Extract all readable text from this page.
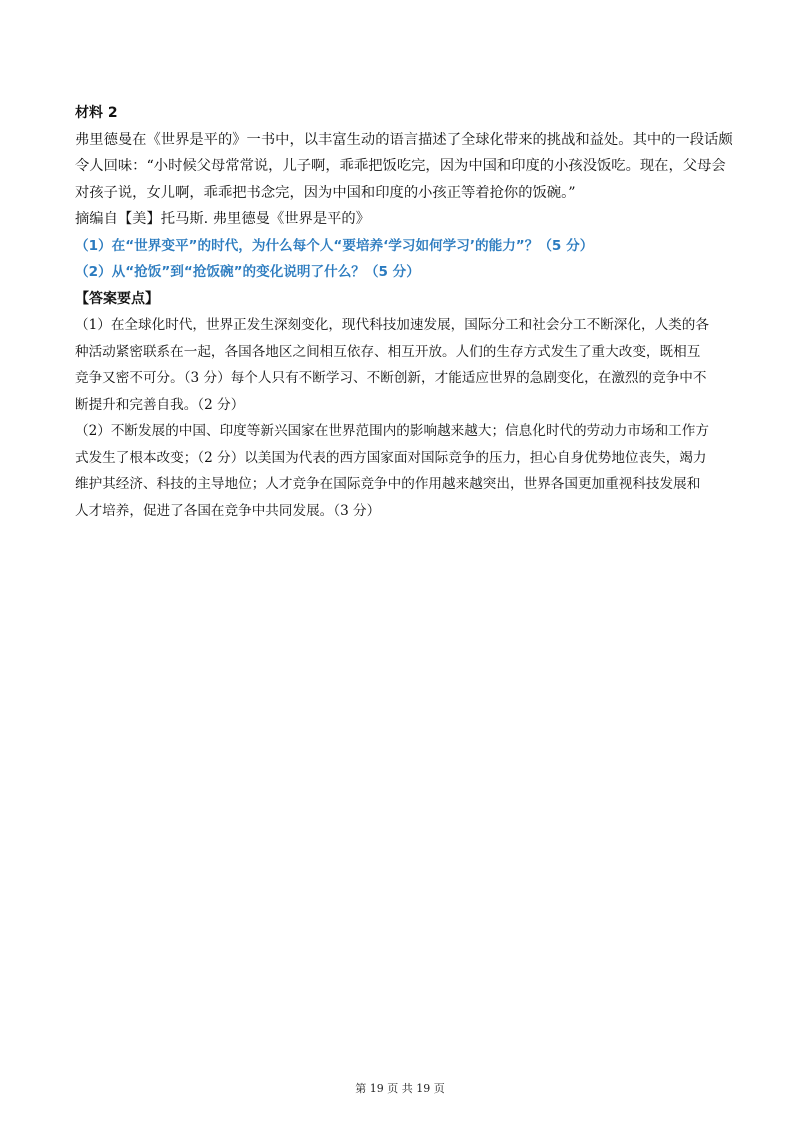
材料 2
弗里德曼在《世界是平的》一书中，以丰富生动的语言描述了全球化带来的挑战和益处。其中的一段话颇
令人回味：“小时候父母常常说，儿子啊，乖乖把饭吃完，因为中国和印度的小孩没饭吃。现在，父母会
对孩子说，女儿啊，乖乖把书念完，因为中国和印度的小孩正等着抢你的饭碗。”
摘编自【美】托马斯. 弗里德曼《世界是平的》
（1）在“世界变平”的时代，为什么每个人“要培养‘学习如何学习’的能力”？（5 分）
（2）从“抢饭”到“抢饭碗”的变化说明了什么？（5 分）
【答案要点】
（1）在全球化时代，世界正发生深刻变化，现代科技加速发展，国际分工和社会分工不断深化，人类的各
种活动紧密联系在一起，各国各地区之间相互依存、相互开放。人们的生存方式发生了重大改变，既相互
竞争又密不可分。（3 分）每个人只有不断学习、不断创新，才能适应世界的急剧变化，在激烈的竞争中不
断提升和完善自我。（2 分）
（2）不断发展的中国、印度等新兴国家在世界范围内的影响越来越大；信息化时代的劳动力市场和工作方
式发生了根本改变；（2 分）以美国为代表的西方国家面对国际竞争的压力，担心自身优势地位丧失，竭力
维护其经济、科技的主导地位；人才竞争在国际竞争中的作用越来越突出，世界各国更加重视科技发展和
人才培养，促进了各国在竞争中共同发展。（3 分）
第 19 页 共 19 页
